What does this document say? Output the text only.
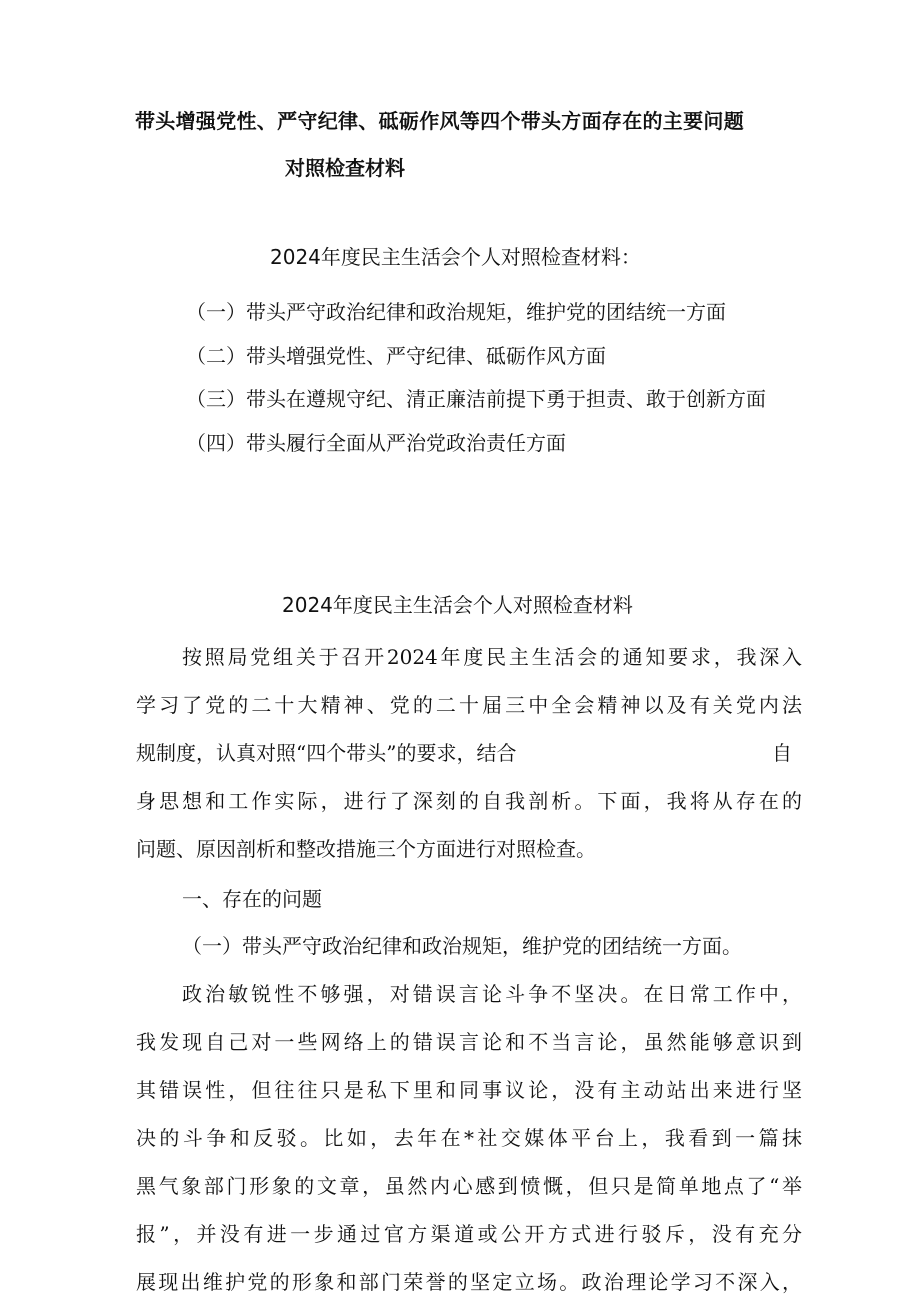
带头增强党性、严守纪律、砥砺作风等四个带头方面存在的主要问题
对照检查材料
2024年度民主生活会个人对照检查材料：
（一）带头严守政治纪律和政治规矩，维护党的团结统一方面
（二）带头增强党性、严守纪律、砥砺作风方面
（三）带头在遵规守纪、清正廉洁前提下勇于担责、敢于创新方面
（四）带头履行全面从严治党政治责任方面
2024年度民主生活会个人对照检查材料
按照局党组关于召开2024年度民主生活会的通知要求，我深入
学习了党的二十大精神、党的二十届三中全会精神以及有关党内法
规制度，认真对照“四个带头”的要求，结合	自
身思想和工作实际，进行了深刻的自我剖析。下面，我将从存在的
问题、原因剖析和整改措施三个方面进行对照检查。
一、存在的问题
（一）带头严守政治纪律和政治规矩，维护党的团结统一方面。
政治敏锐性不够强，对错误言论斗争不坚决。在日常工作中，
我发现自己对一些网络上的错误言论和不当言论，虽然能够意识到
其错误性，但往往只是私下里和同事议论，没有主动站出来进行坚
决的斗争和反驳。比如，去年在*社交媒体平台上，我看到一篇抹
黑气象部门形象的文章，虽然内心感到愤慨，但只是简单地点了“举
报”，并没有进一步通过官方渠道或公开方式进行驳斥，没有充分
展现出维护党的形象和部门荣誉的坚定立场。政治理论学习不深入，
